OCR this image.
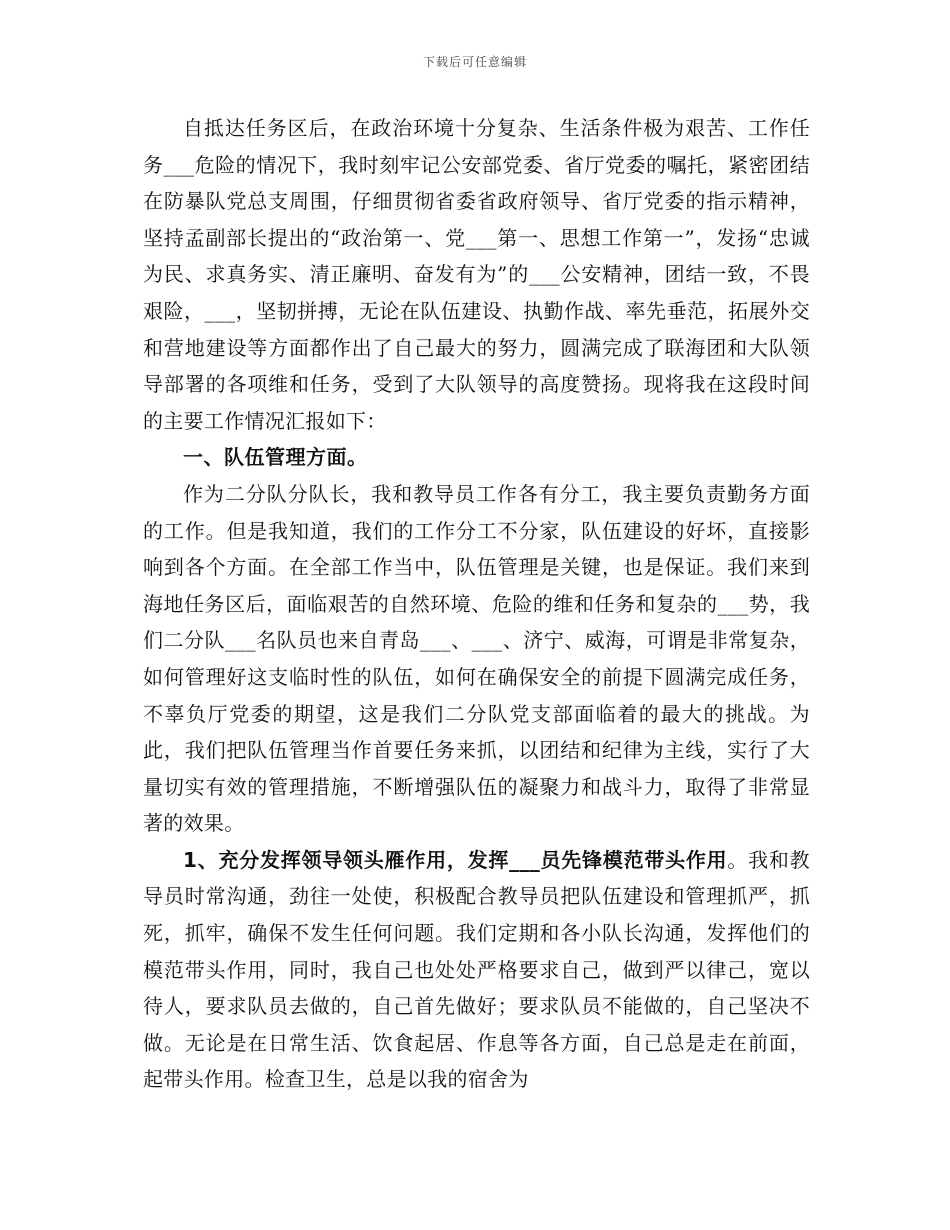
下载后可任意编辑

自抵达任务区后，在政治环境十分复杂、生活条件极为艰苦、工作任务___危险的情况下，我时刻牢记公安部党委、省厅党委的嘱托，紧密团结在防暴队党总支周围，仔细贯彻省委省政府领导、省厅党委的指示精神，坚持孟副部长提出的“政治第一、党___第一、思想工作第一”，发扬“忠诚为民、求真务实、清正廉明、奋发有为”的___公安精神，团结一致，不畏艰险，___，坚韧拼搏，无论在队伍建设、执勤作战、率先垂范，拓展外交和营地建设等方面都作出了自己最大的努力，圆满完成了联海团和大队领导部署的各项维和任务，受到了大队领导的高度赞扬。现将我在这段时间的主要工作情况汇报如下：

一、队伍管理方面。

作为二分队分队长，我和教导员工作各有分工，我主要负责勤务方面的工作。但是我知道，我们的工作分工不分家，队伍建设的好坏，直接影响到各个方面。在全部工作当中，队伍管理是关键，也是保证。我们来到海地任务区后，面临艰苦的自然环境、危险的维和任务和复杂的___势，我们二分队___名队员也来自青岛___、___、济宁、威海，可谓是非常复杂，如何管理好这支临时性的队伍，如何在确保安全的前提下圆满完成任务，不辜负厅党委的期望，这是我们二分队党支部面临着的最大的挑战。为此，我们把队伍管理当作首要任务来抓，以团结和纪律为主线，实行了大量切实有效的管理措施，不断增强队伍的凝聚力和战斗力，取得了非常显著的效果。

1、充分发挥领导领头雁作用，发挥___员先锋模范带头作用。我和教导员时常沟通，劲往一处使，积极配合教导员把队伍建设和管理抓严，抓死，抓牢，确保不发生任何问题。我们定期和各小队长沟通，发挥他们的模范带头作用，同时，我自己也处处严格要求自己，做到严以律己，宽以待人，要求队员去做的，自己首先做好；要求队员不能做的，自己坚决不做。无论是在日常生活、饮食起居、作息等各方面，自己总是走在前面，起带头作用。检查卫生，总是以我的宿舍为
